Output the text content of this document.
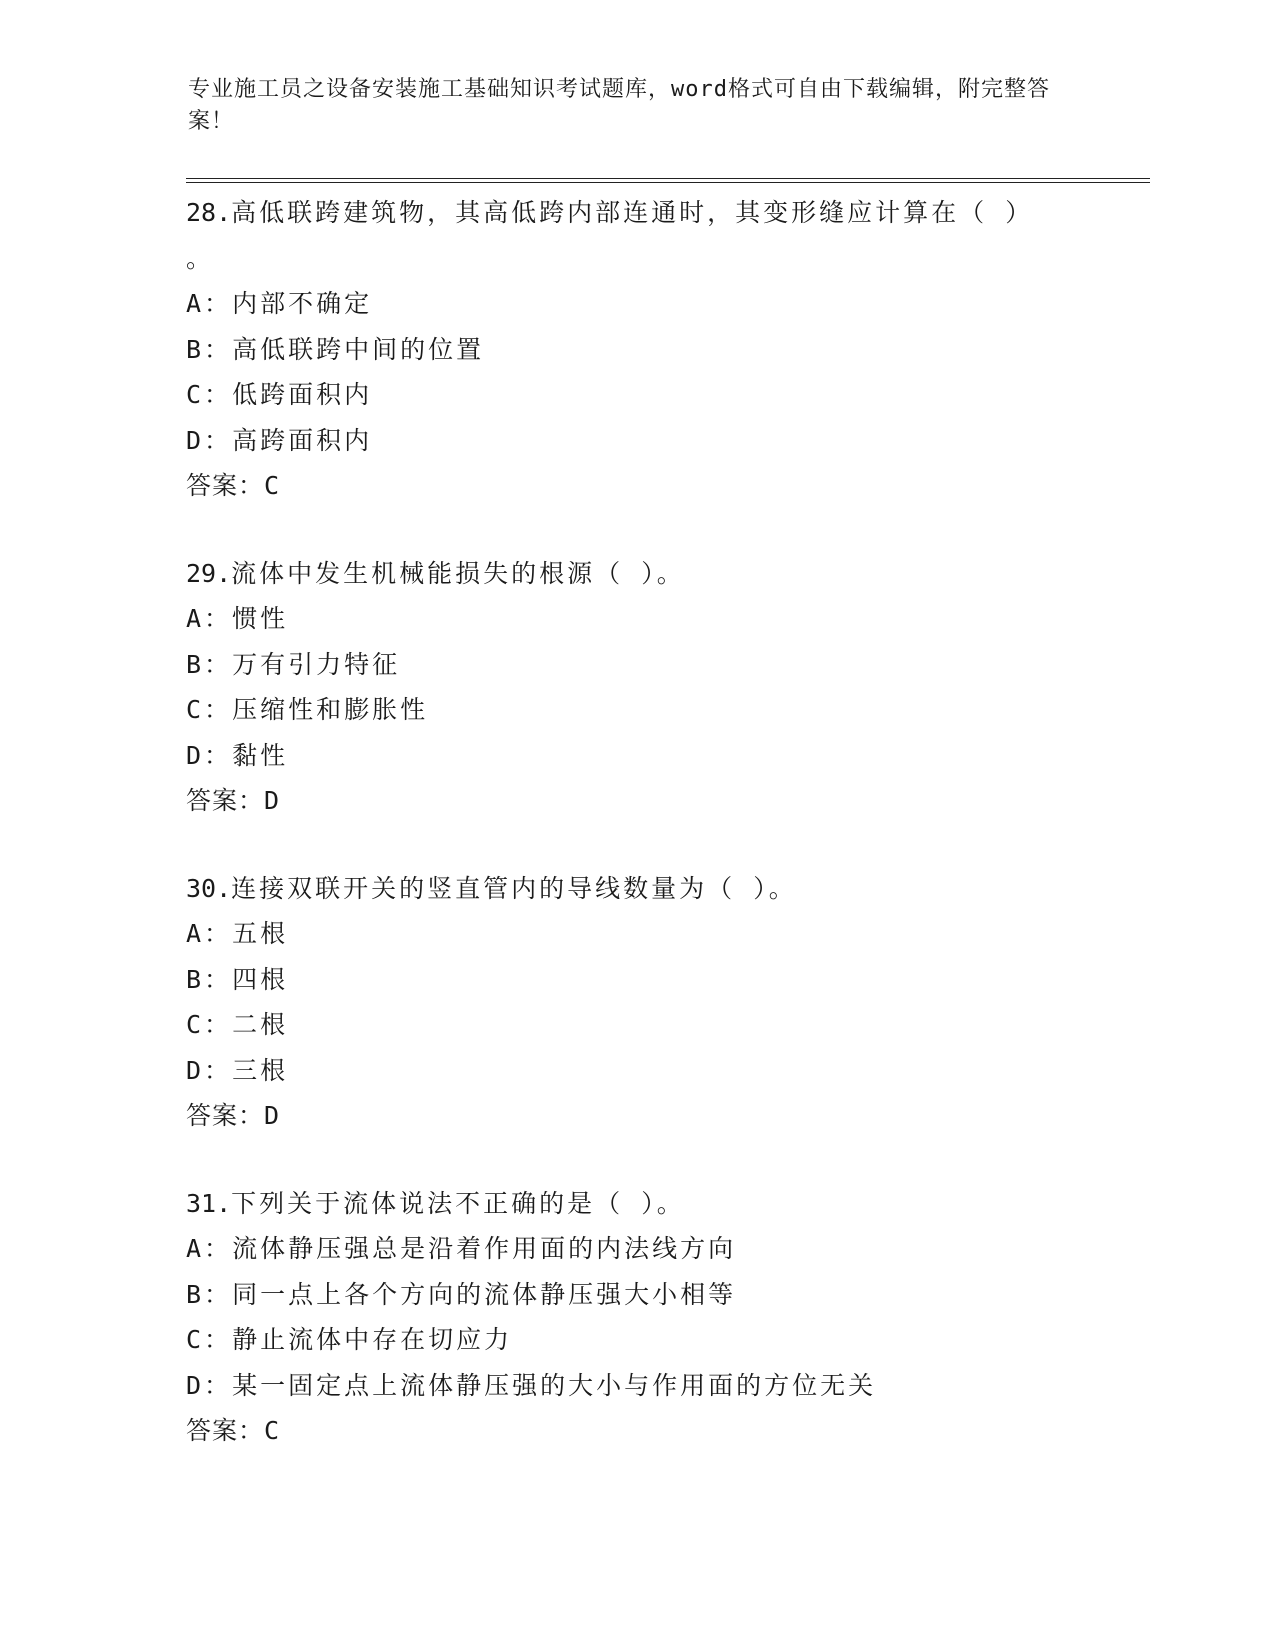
专业施工员之设备安装施工基础知识考试题库，word格式可自由下载编辑，附完整答案！
28.高低联跨建筑物，其高低跨内部连通时，其变形缝应计算在（ ）
。
A：内部不确定
B：高低联跨中间的位置
C：低跨面积内
D：高跨面积内
答案：C
29.流体中发生机械能损失的根源（ ）。
A：惯性
B：万有引力特征
C：压缩性和膨胀性
D：黏性
答案：D
30.连接双联开关的竖直管内的导线数量为（ ）。
A：五根
B：四根
C：二根
D：三根
答案：D
31.下列关于流体说法不正确的是（ ）。
A：流体静压强总是沿着作用面的内法线方向
B：同一点上各个方向的流体静压强大小相等
C：静止流体中存在切应力
D：某一固定点上流体静压强的大小与作用面的方位无关
答案：C
